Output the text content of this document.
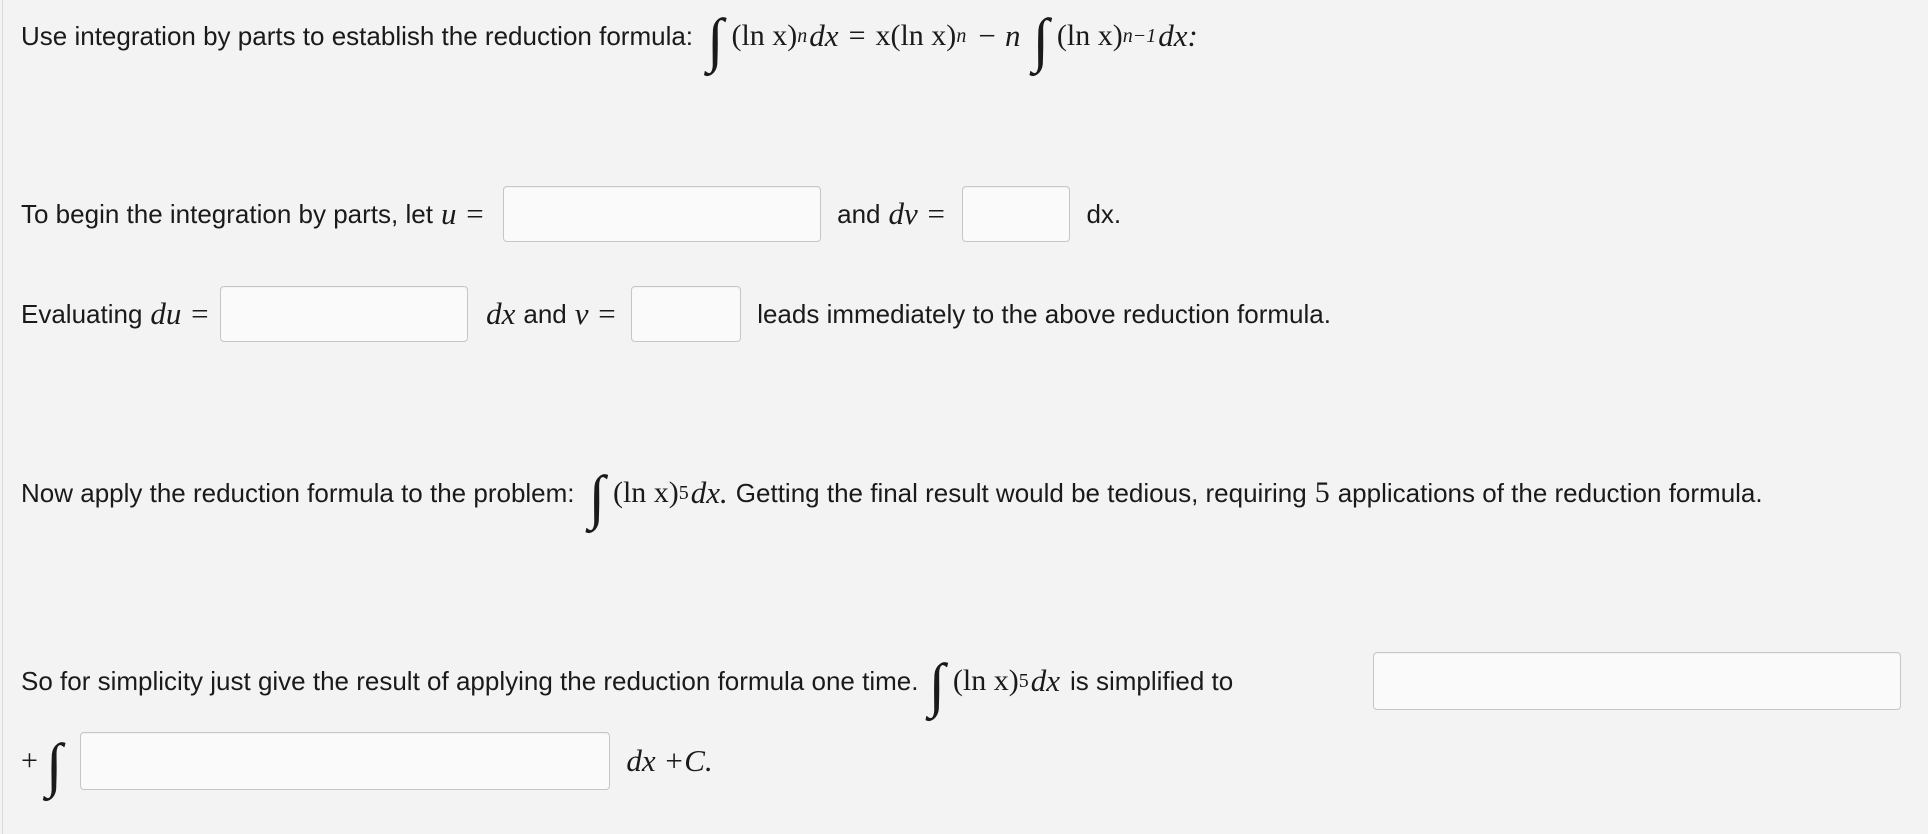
Use integration by parts to establish the reduction formula: ∫ (ln x) n dx = x(ln x) n − n ∫ (ln x) n−1 dx:
To begin the integration by parts, let u =	and dv =	dx.
Evaluating du =	dx and v =	leads immediately to the above reduction formula.
Now apply the reduction formula to the problem: ∫ (ln x) 5 dx. Getting the final result would be tedious, requiring 5 applications of the reduction formula.
So for simplicity just give the result of applying the reduction formula one time. ∫ (ln x) 5 dx is simplified to
+ ∫	dx +C.
